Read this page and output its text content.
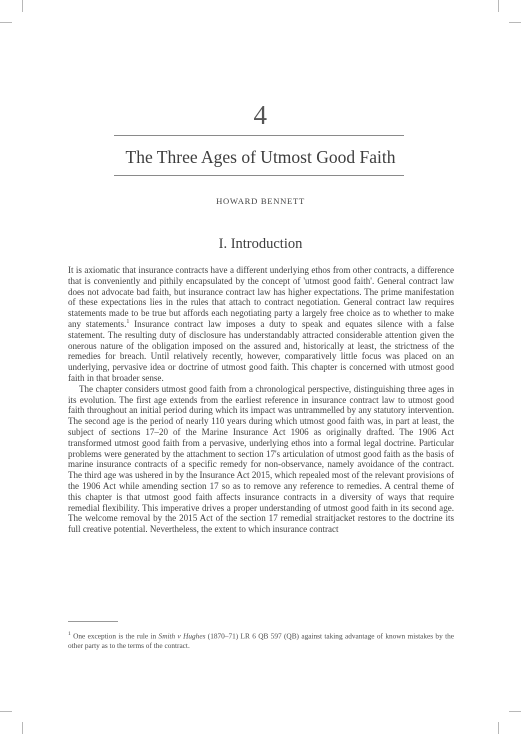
4
The Three Ages of Utmost Good Faith
HOWARD BENNETT
I. Introduction

It is axiomatic that insurance contracts have a different underlying ethos from other contracts, a difference that is conveniently and pithily encapsulated by the concept of 'utmost good faith'. General contract law does not advocate bad faith, but insurance contract law has higher expectations. The prime manifestation of these expectations lies in the rules that attach to contract negotiation. General contract law requires statements made to be true but affords each negotiating party a largely free choice as to whether to make any statements.$^1$ Insurance contract law imposes a duty to speak and equates silence with a false statement. The resulting duty of disclosure has understandably attracted considerable attention given the onerous nature of the obligation imposed on the assured and, historically at least, the strictness of the remedies for breach. Until relatively recently, however, comparatively little focus was placed on an underlying, pervasive idea or doctrine of utmost good faith. This chapter is concerned with utmost good faith in that broader sense.

The chapter considers utmost good faith from a chronological perspective, distinguishing three ages in its evolution. The first age extends from the earliest reference in insurance contract law to utmost good faith throughout an initial period during which its impact was untrammelled by any statutory intervention. The second age is the period of nearly 110 years during which utmost good faith was, in part at least, the subject of sections 17–20 of the Marine Insurance Act 1906 as originally drafted. The 1906 Act transformed utmost good faith from a pervasive, underlying ethos into a formal legal doctrine. Particular problems were generated by the attachment to section 17's articulation of utmost good faith as the basis of marine insurance contracts of a specific remedy for non-observance, namely avoidance of the contract. The third age was ushered in by the Insurance Act 2015, which repealed most of the relevant provisions of the 1906 Act while amending section 17 so as to remove any reference to remedies. A central theme of this chapter is that utmost good faith affects insurance contracts in a diversity of ways that require remedial flexibility. This imperative drives a proper understanding of utmost good faith in its second age. The welcome removal by the 2015 Act of the section 17 remedial straitjacket restores to the doctrine its full creative potential. Nevertheless, the extent to which insurance contract

$^1$ One exception is the rule in Smith v Hughes (1870–71) LR 6 QB 597 (QB) against taking advantage of known mistakes by the other party as to the terms of the contract.
